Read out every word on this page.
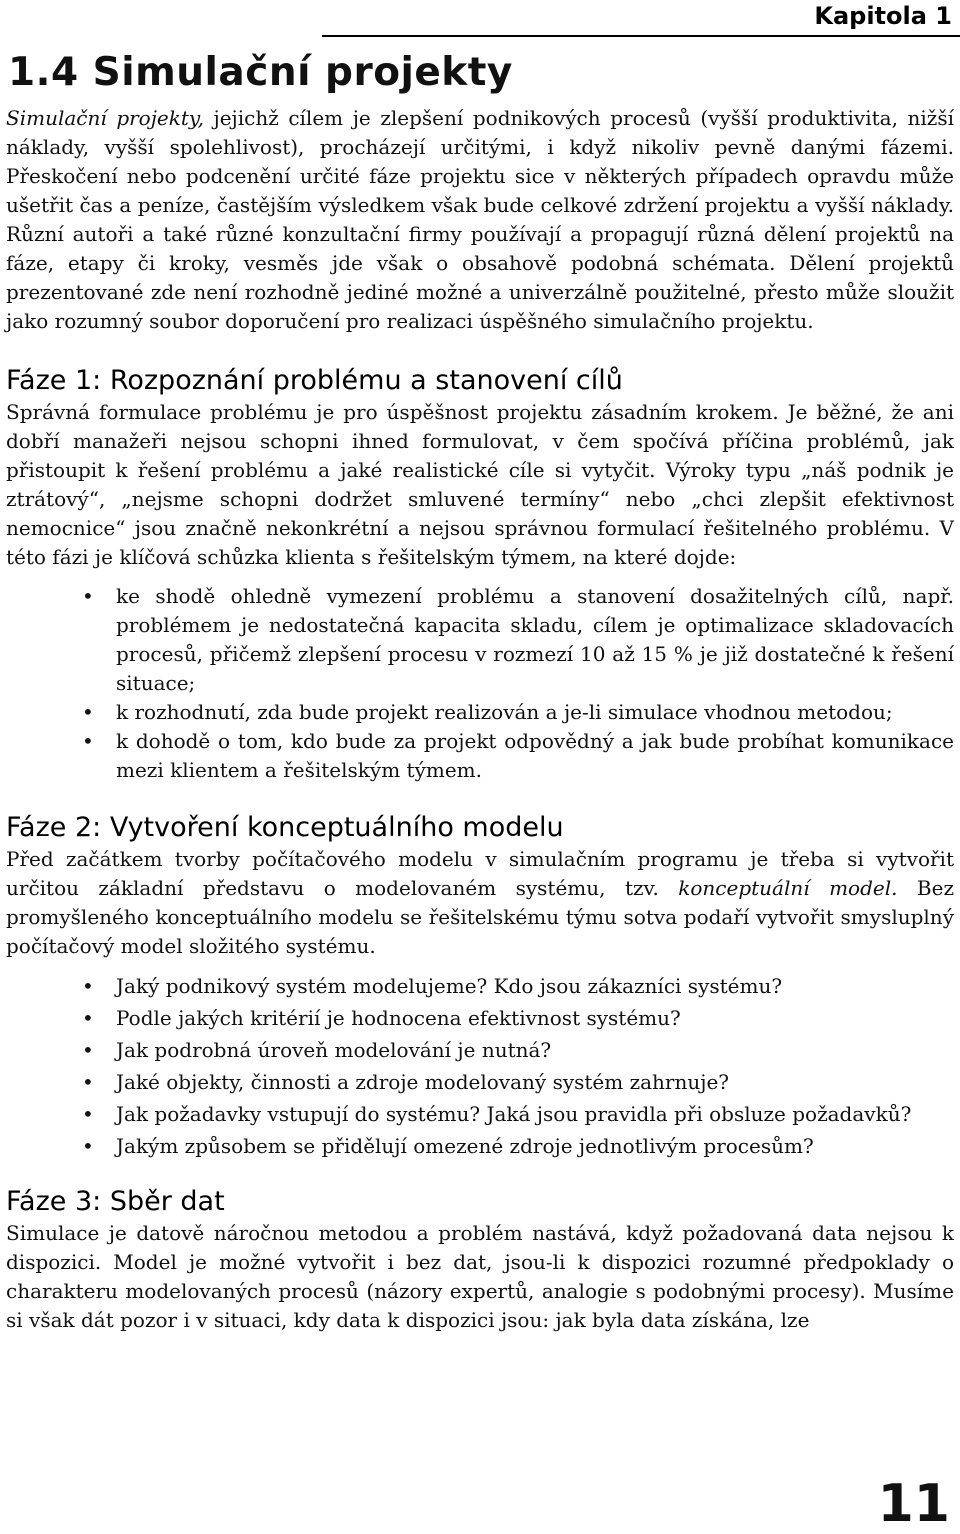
Kapitola 1
1.4 Simulační projekty

Simulační projekty, jejichž cílem je zlepšení podnikových procesů (vyšší produktivita, nižší náklady, vyšší spolehlivost), procházejí určitými, i když nikoliv pevně danými fázemi. Přeskočení nebo podcenění určité fáze projektu sice v některých případech opravdu může ušetřit čas a peníze, častějším výsledkem však bude celkové zdržení projektu a vyšší náklady. Různí autoři a také různé konzultační firmy používají a propagují různá dělení projektů na fáze, etapy či kroky, vesměs jde však o obsahově podobná schémata. Dělení projektů prezentované zde není rozhodně jediné možné a univerzálně použitelné, přesto může sloužit jako rozumný soubor doporučení pro realizaci úspěšného simulačního projektu.

Fáze 1: Rozpoznání problému a stanovení cílů

Správná formulace problému je pro úspěšnost projektu zásadním krokem. Je běžné, že ani dobří manažeři nejsou schopni ihned formulovat, v čem spočívá příčina problémů, jak přistoupit k řešení problému a jaké realistické cíle si vytyčit. Výroky typu „náš podnik je ztrátový“, „nejsme schopni dodržet smluvené termíny“ nebo „chci zlepšit efektivnost nemocnice“ jsou značně nekonkrétní a nejsou správnou formulací řešitelného problému. V této fázi je klíčová schůzka klienta s řešitelským týmem, na které dojde:

• ke shodě ohledně vymezení problému a stanovení dosažitelných cílů, např. problémem je nedostatečná kapacita skladu, cílem je optimalizace skladovacích procesů, přičemž zlepšení procesu v rozmezí 10 až 15 % je již dostatečné k řešení situace;
• k rozhodnutí, zda bude projekt realizován a je-li simulace vhodnou metodou;
• k dohodě o tom, kdo bude za projekt odpovědný a jak bude probíhat komunikace mezi klientem a řešitelským týmem.
Fáze 2: Vytvoření konceptuálního modelu

Před začátkem tvorby počítačového modelu v simulačním programu je třeba si vytvořit určitou základní představu o modelovaném systému, tzv. konceptuální model. Bez promyšleného konceptuálního modelu se řešitelskému týmu sotva podaří vytvořit smysluplný počítačový model složitého systému.

• Jaký podnikový systém modelujeme? Kdo jsou zákazníci systému?
• Podle jakých kritérií je hodnocena efektivnost systému?
• Jak podrobná úroveň modelování je nutná?
• Jaké objekty, činnosti a zdroje modelovaný systém zahrnuje?
• Jak požadavky vstupují do systému? Jaká jsou pravidla při obsluze požadavků?
• Jakým způsobem se přidělují omezené zdroje jednotlivým procesům?
Fáze 3: Sběr dat

Simulace je datově náročnou metodou a problém nastává, když požadovaná data nejsou k dispozici. Model je možné vytvořit i bez dat, jsou-li k dispozici rozumné předpoklady o charakteru modelovaných procesů (názory expertů, analogie s podobnými procesy). Musíme si však dát pozor i v situaci, kdy data k dispozici jsou: jak byla data získána, lze

11
